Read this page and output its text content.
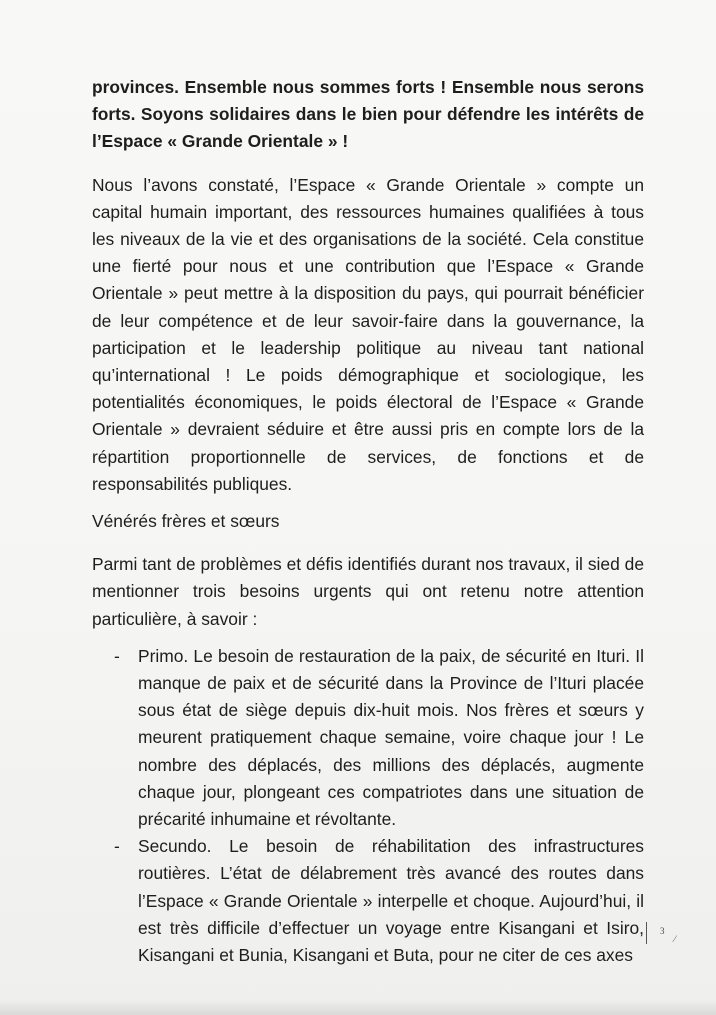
provinces. Ensemble nous sommes forts ! Ensemble nous serons forts. Soyons solidaires dans le bien pour défendre les intérêts de l’Espace « Grande Orientale » !

Nous l’avons constaté, l’Espace « Grande Orientale » compte un capital humain important, des ressources humaines qualifiées à tous les niveaux de la vie et des organisations de la société. Cela constitue une fierté pour nous et une contribution que l’Espace « Grande Orientale » peut mettre à la disposition du pays, qui pourrait bénéficier de leur compétence et de leur savoir-faire dans la gouvernance, la participation et le leadership politique au niveau tant national qu’international ! Le poids démographique et sociologique, les potentialités économiques, le poids électoral de l’Espace « Grande Orientale » devraient séduire et être aussi pris en compte lors de la répartition proportionnelle de services, de fonctions et de responsabilités publiques.

Vénérés frères et sœurs

Parmi tant de problèmes et défis identifiés durant nos travaux, il sied de mentionner trois besoins urgents qui ont retenu notre attention particulière, à savoir :

- Primo. Le besoin de restauration de la paix, de sécurité en Ituri. Il manque de paix et de sécurité dans la Province de l’Ituri placée sous état de siège depuis dix-huit mois. Nos frères et sœurs y meurent pratiquement chaque semaine, voire chaque jour ! Le nombre des déplacés, des millions des déplacés, augmente chaque jour, plongeant ces compatriotes dans une situation de précarité inhumaine et révoltante.
- Secundo. Le besoin de réhabilitation des infrastructures routières. L’état de délabrement très avancé des routes dans l’Espace « Grande Orientale » interpelle et choque. Aujourd’hui, il est très difficile d’effectuer un voyage entre Kisangani et Isiro, Kisangani et Bunia, Kisangani et Buta, pour ne citer de ces axes
3
⁄
